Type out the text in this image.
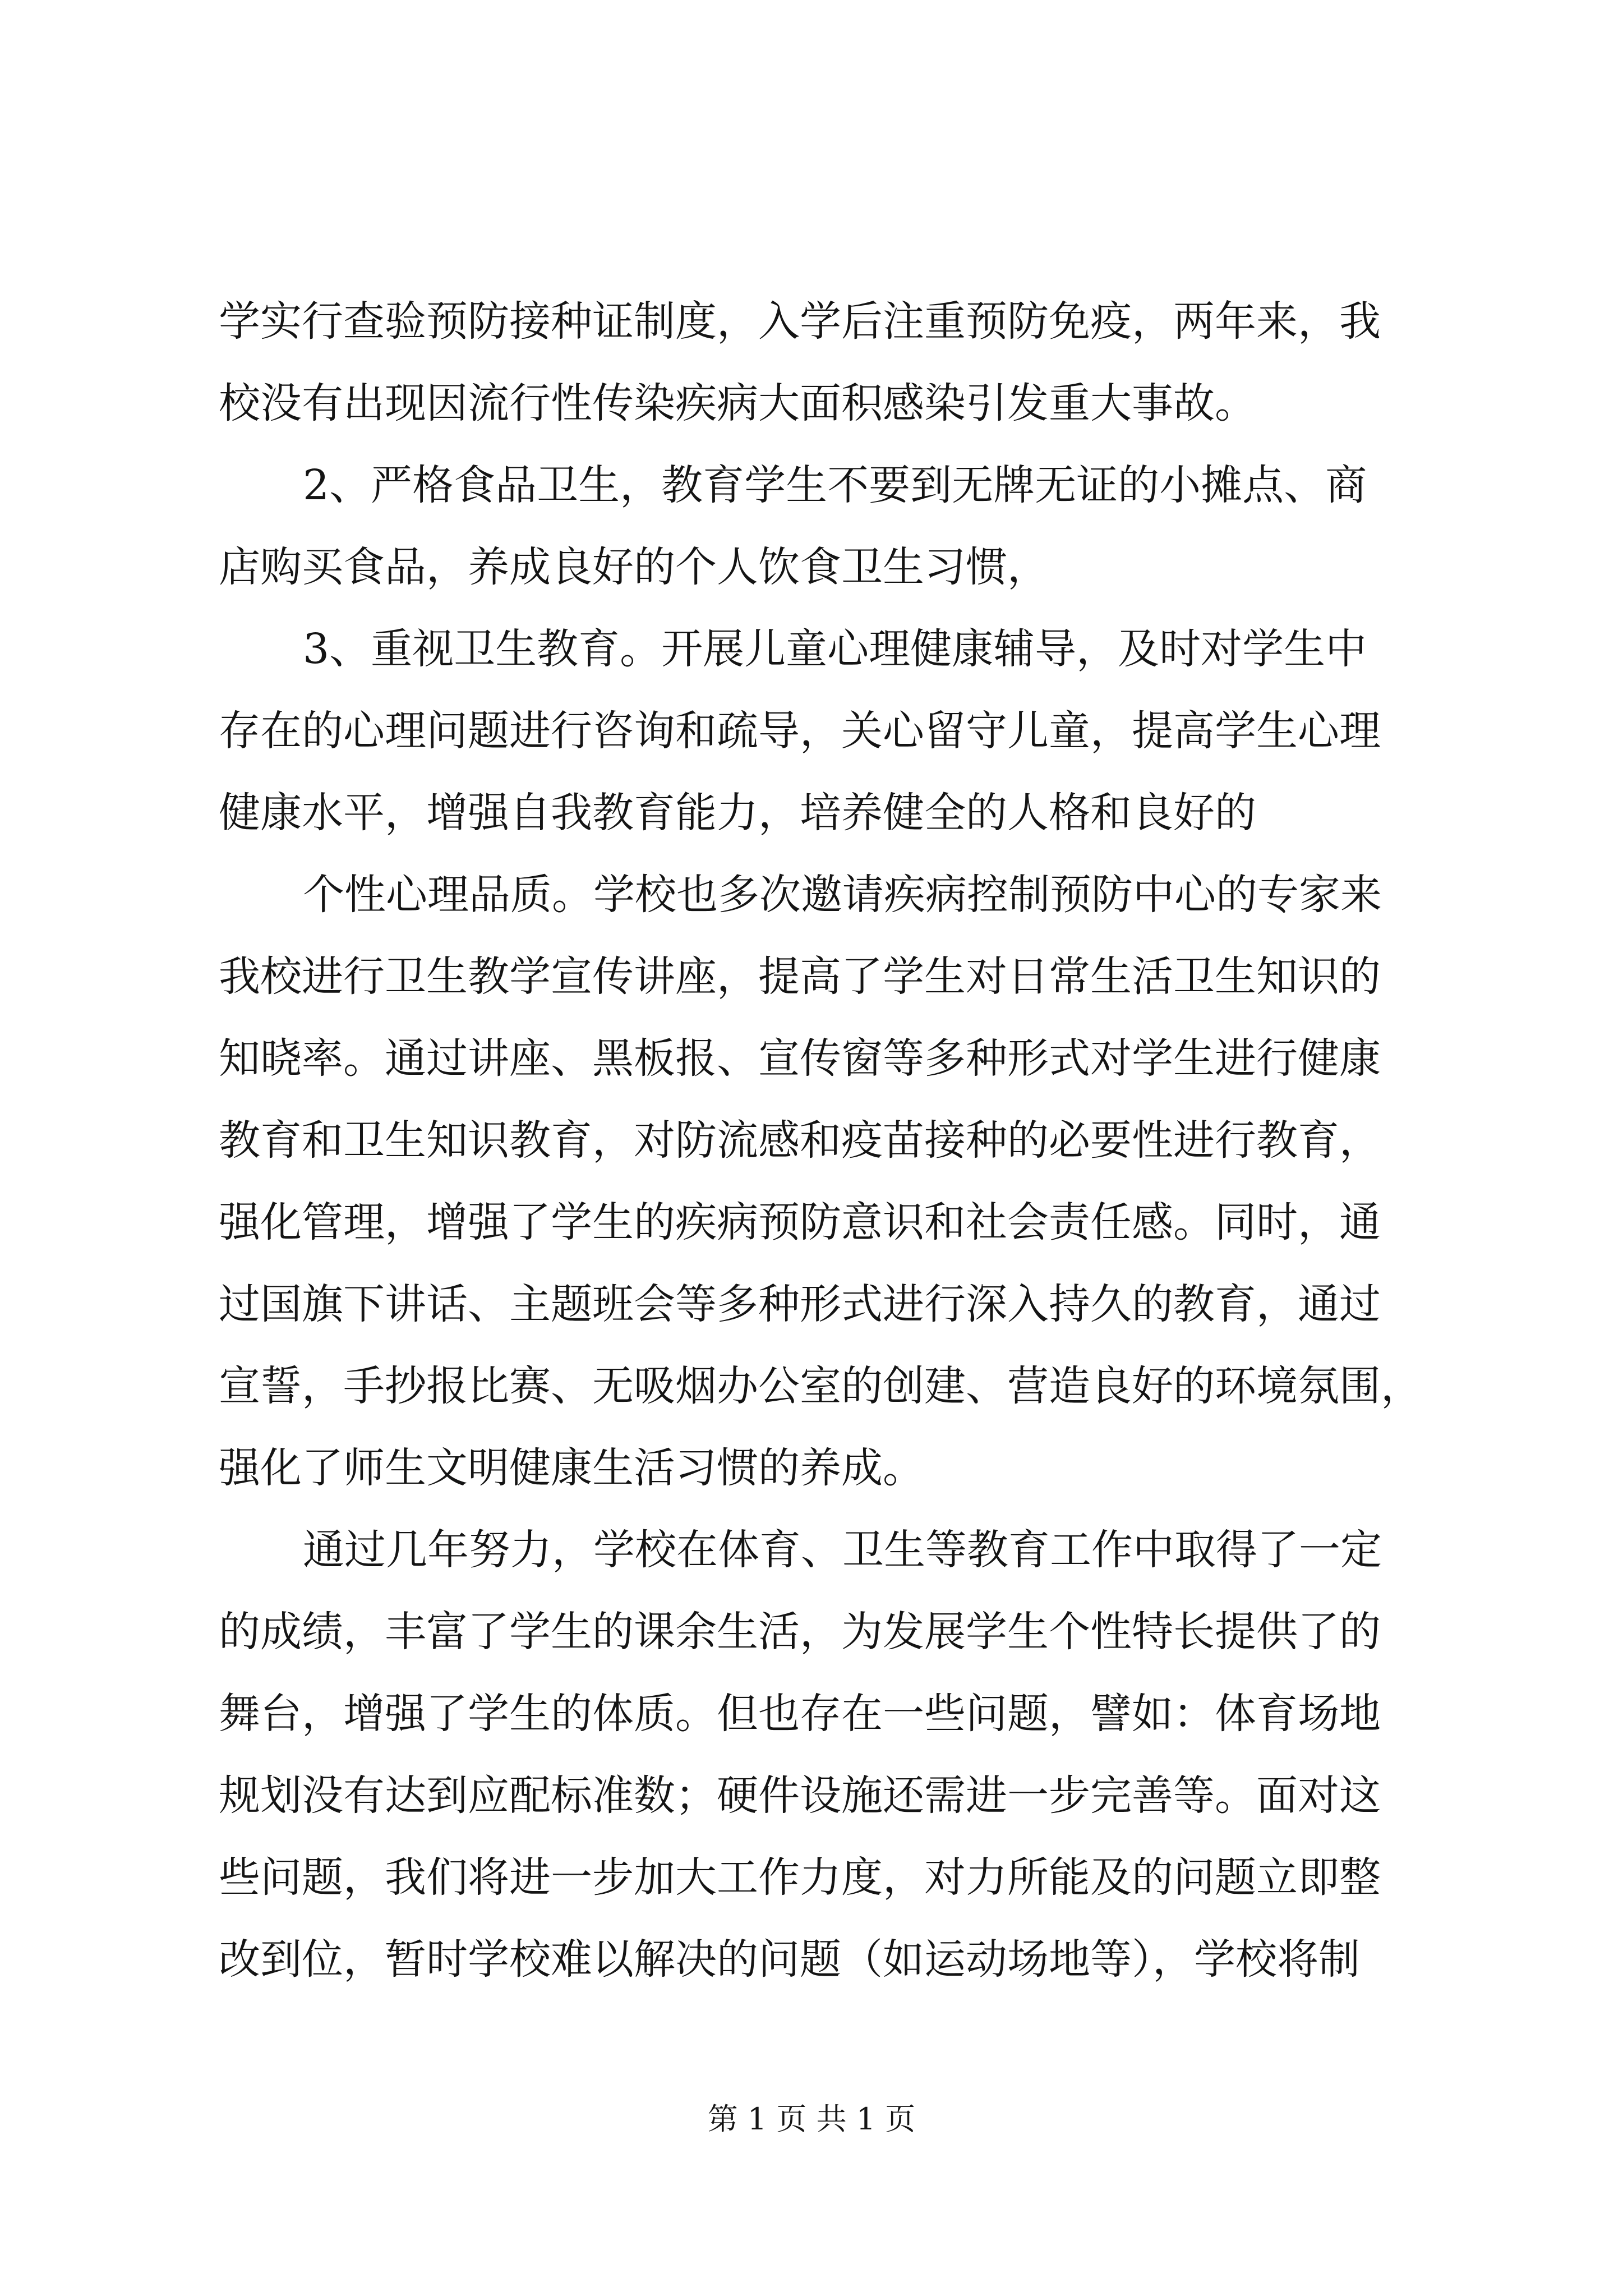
学实行查验预防接种证制度，入学后注重预防免疫，两年来，我

校没有出现因流行性传染疾病大面积感染引发重大事故。

2、严格食品卫生，教育学生不要到无牌无证的小摊点、商

店购买食品，养成良好的个人饮食卫生习惯，

3、重视卫生教育。开展儿童心理健康辅导，及时对学生中

存在的心理问题进行咨询和疏导，关心留守儿童，提高学生心理

健康水平，增强自我教育能力，培养健全的人格和良好的

个性心理品质。学校也多次邀请疾病控制预防中心的专家来

我校进行卫生教学宣传讲座，提高了学生对日常生活卫生知识的

知晓率。通过讲座、黑板报、宣传窗等多种形式对学生进行健康

教育和卫生知识教育，对防流感和疫苗接种的必要性进行教育，

强化管理，增强了学生的疾病预防意识和社会责任感。同时，通

过国旗下讲话、主题班会等多种形式进行深入持久的教育，通过

宣誓，手抄报比赛、无吸烟办公室的创建、营造良好的环境氛围，

强化了师生文明健康生活习惯的养成。

通过几年努力，学校在体育、卫生等教育工作中取得了一定

的成绩，丰富了学生的课余生活，为发展学生个性特长提供了的

舞台，增强了学生的体质。但也存在一些问题，譬如：体育场地

规划没有达到应配标准数；硬件设施还需进一步完善等。面对这

些问题，我们将进一步加大工作力度，对力所能及的问题立即整

改到位，暂时学校难以解决的问题（如运动场地等），学校将制

第 1 页 共 1 页
